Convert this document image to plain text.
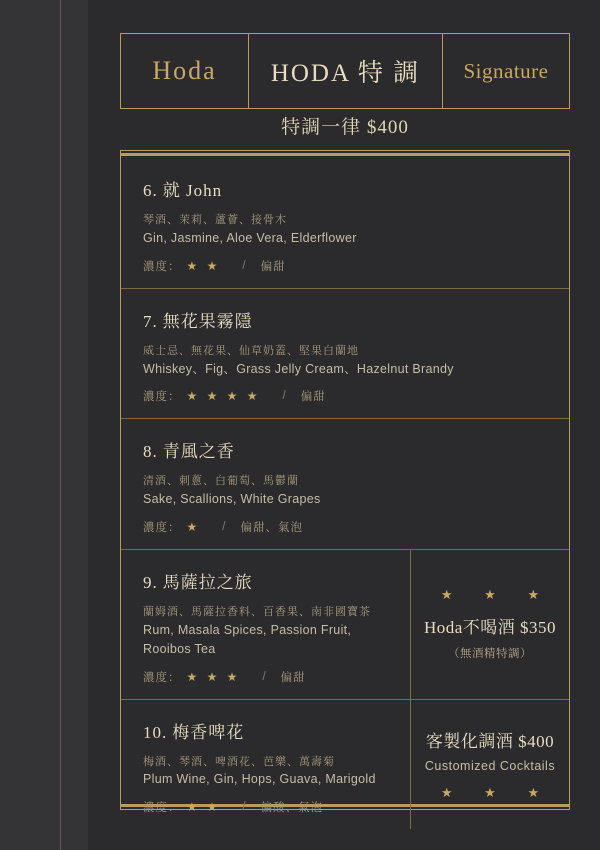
Hoda	HODA 特 調	Signature
特調一律 $400
6. 就 John
琴酒、茉莉、蘆薈、接骨木
Gin, Jasmine, Aloe Vera, Elderflower
濃度： ★ ★ / 偏甜
7. 無花果霧隱
威士忌、無花果、仙草奶蓋、堅果白蘭地
Whiskey、Fig、Grass Jelly Cream、Hazelnut Brandy
濃度： ★ ★ ★ ★ / 偏甜
8. 青風之香
清酒、刺蔥、白葡萄、馬鬱蘭
Sake, Scallions, White Grapes
濃度： ★ / 偏甜、氣泡
9. 馬薩拉之旅
蘭姆酒、馬薩拉香料、百香果、南非國寶茶
Rum, Masala Spices, Passion Fruit, Rooibos Tea
濃度： ★ ★ ★ / 偏甜
★ ★ ★
Hoda不喝酒 $350
（無酒精特調）
10. 梅香啤花
梅酒、琴酒、啤酒花、芭樂、萬壽菊
Plum Wine, Gin, Hops, Guava, Marigold
濃度： ★ ★ / 偏酸、氣泡
客製化調酒 $400
Customized Cocktails
★ ★ ★
